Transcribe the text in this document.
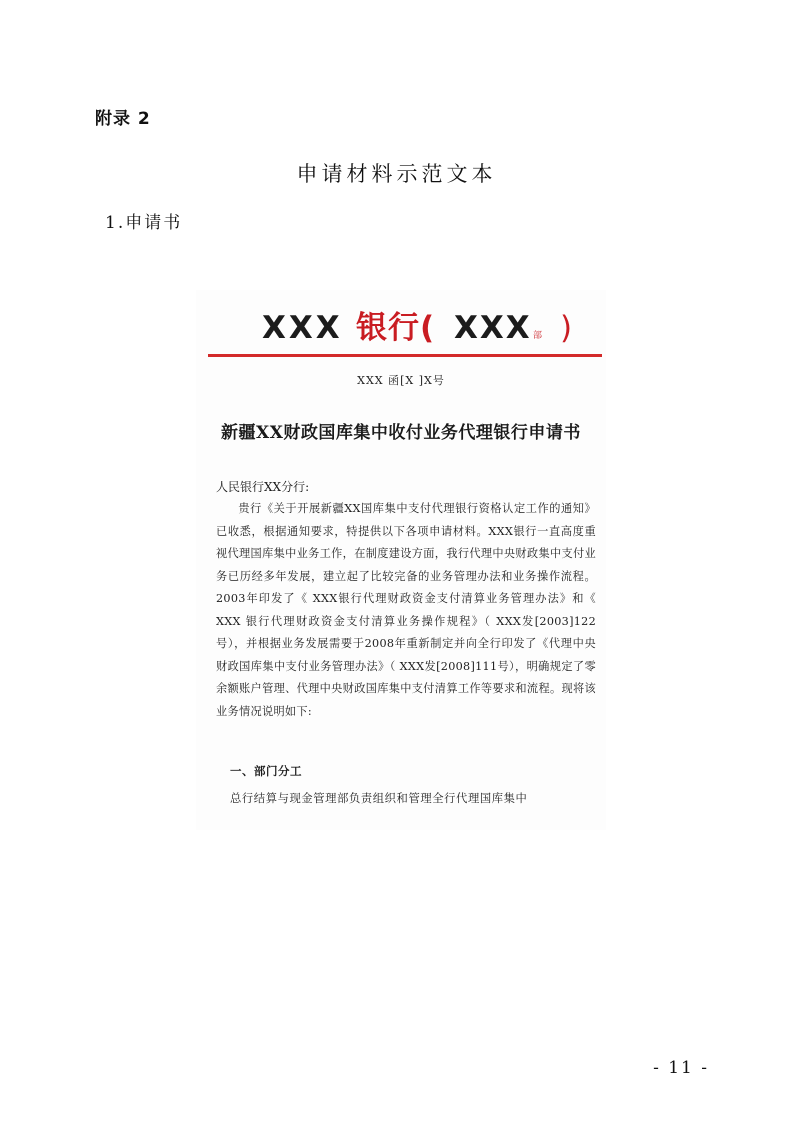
附录 2
申请材料示范文本
1.申请书
XXX 银行( XXX 部 )
XXX 函[X ]X号
新疆XX财政国库集中收付业务代理银行申请书
人民银行XX分行:
贵行《关于开展新疆XX国库集中支付代理银行资格认定工作的通知》已收悉，根据通知要求，特提供以下各项申请材料。XXX银行一直高度重视代理国库集中业务工作，在制度建设方面，我行代理中央财政集中支付业务已历经多年发展，建立起了比较完备的业务管理办法和业务操作流程。2003年印发了《 XXX银行代理财政资金支付清算业务管理办法》和《 XXX 银行代理财政资金支付清算业务操作规程》（ XXX发[2003]122号），并根据业务发展需要于2008年重新制定并向全行印发了《代理中央财政国库集中支付业务管理办法》（ XXX发[2008]111号），明确规定了零余额账户管理、代理中央财政国库集中支付清算工作等要求和流程。现将该业务情况说明如下:
一、部门分工
总行结算与现金管理部负责组织和管理全行代理国库集中
- 11 -
